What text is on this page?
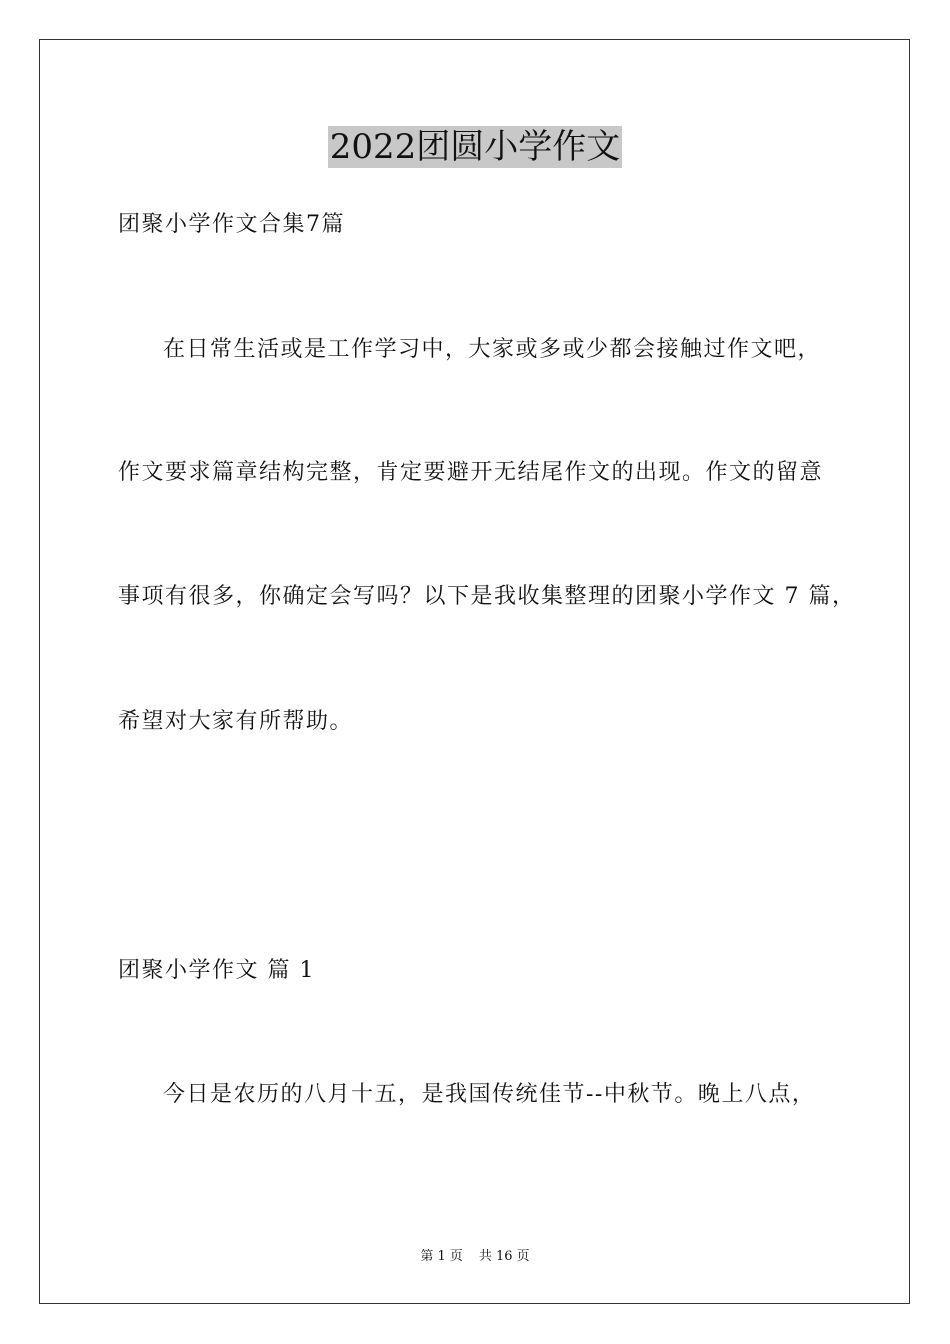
2022团圆小学作文
团聚小学作文合集7篇
在日常生活或是工作学习中，大家或多或少都会接触过作文吧，
作文要求篇章结构完整，肯定要避开无结尾作文的出现。作文的留意
事项有很多，你确定会写吗？以下是我收集整理的团聚小学作文 7 篇，
希望对大家有所帮助。
团聚小学作文 篇 1
今日是农历的八月十五，是我国传统佳节--中秋节。晚上八点，
第 1 页 共 16 页
